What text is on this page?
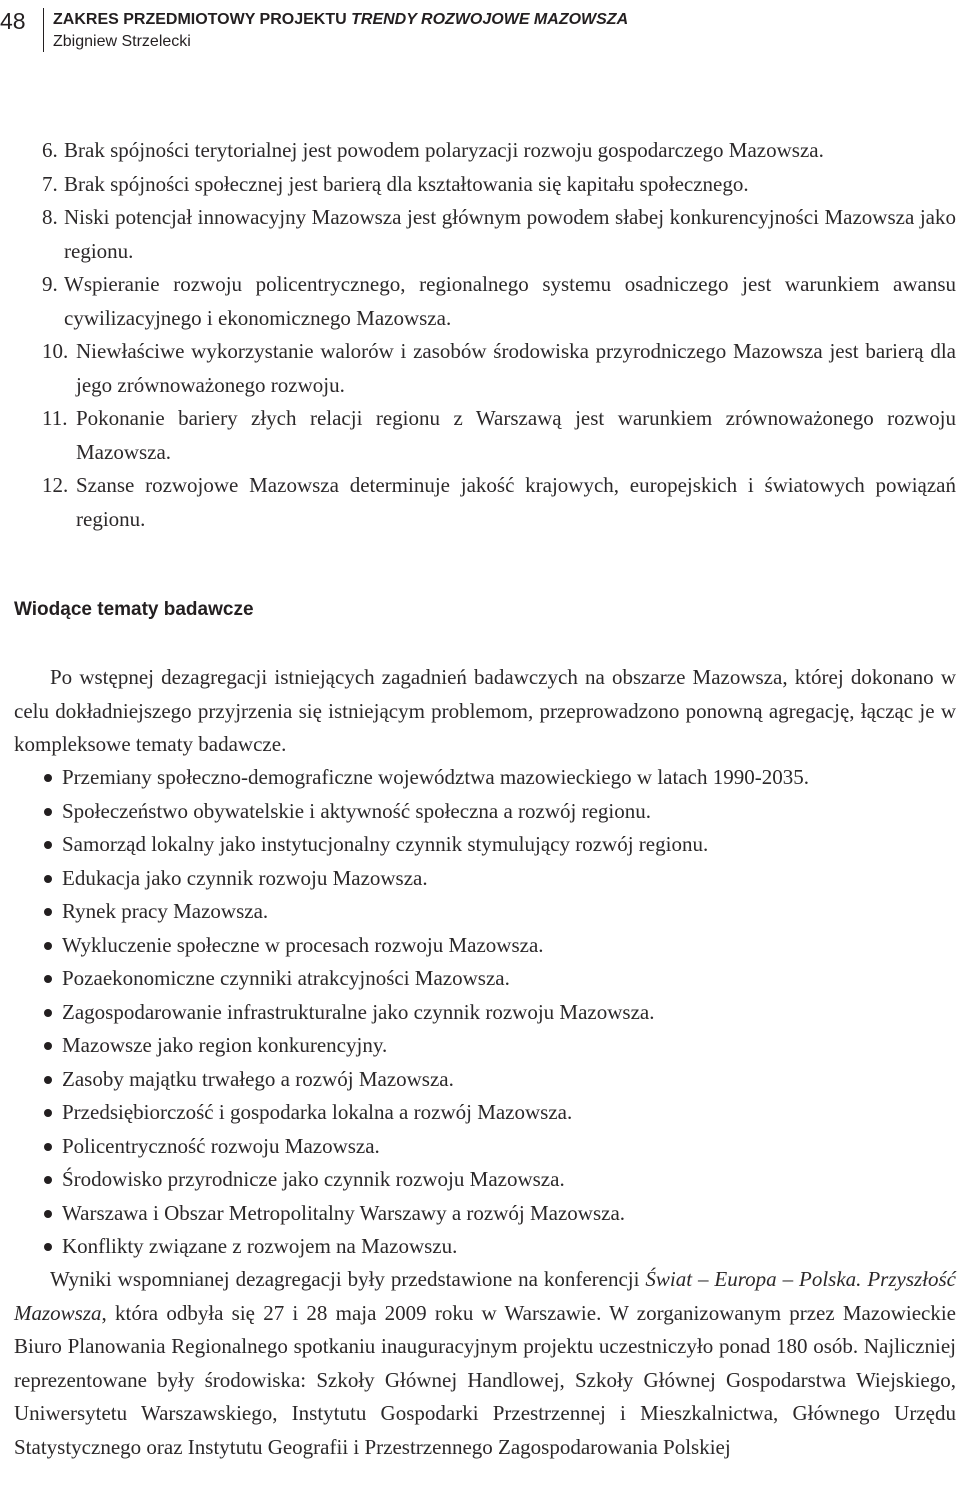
48	ZAKRES PRZEDMIOTOWY PROJEKTU TRENDY ROZWOJOWE MAZOWSZA
Zbigniew Strzelecki
6. Brak spójności terytorialnej jest powodem polaryzacji rozwoju gospodarczego Mazowsza.
7. Brak spójności społecznej jest barierą dla kształtowania się kapitału społecznego.
8. Niski potencjał innowacyjny Mazowsza jest głównym powodem słabej konkurencyjności Mazowsza jako regionu.
9. Wspieranie rozwoju policentrycznego, regionalnego systemu osadniczego jest warunkiem awansu cywilizacyjnego i ekonomicznego Mazowsza.
10. Niewłaściwe wykorzystanie walorów i zasobów środowiska przyrodniczego Mazowsza jest barierą dla jego zrównoważonego rozwoju.
11. Pokonanie bariery złych relacji regionu z Warszawą jest warunkiem zrównoważonego rozwoju Mazowsza.
12. Szanse rozwojowe Mazowsza determinuje jakość krajowych, europejskich i światowych powiązań regionu.
Wiodące tematy badawcze

Po wstępnej dezagregacji istniejących zagadnień badawczych na obszarze Mazowsza, której dokonano w celu dokładniejszego przyjrzenia się istniejącym problemom, przeprowadzono ponowną agregację, łącząc je w kompleksowe tematy badawcze.

Przemiany społeczno-demograficzne województwa mazowieckiego w latach 1990-2035.
Społeczeństwo obywatelskie i aktywność społeczna a rozwój regionu.
Samorząd lokalny jako instytucjonalny czynnik stymulujący rozwój regionu.
Edukacja jako czynnik rozwoju Mazowsza.
Rynek pracy Mazowsza.
Wykluczenie społeczne w procesach rozwoju Mazowsza.
Pozaekonomiczne czynniki atrakcyjności Mazowsza.
Zagospodarowanie infrastrukturalne jako czynnik rozwoju Mazowsza.
Mazowsze jako region konkurencyjny.
Zasoby majątku trwałego a rozwój Mazowsza.
Przedsiębiorczość i gospodarka lokalna a rozwój Mazowsza.
Policentryczność rozwoju Mazowsza.
Środowisko przyrodnicze jako czynnik rozwoju Mazowsza.
Warszawa i Obszar Metropolitalny Warszawy a rozwój Mazowsza.
Konflikty związane z rozwojem na Mazowszu.

Wyniki wspomnianej dezagregacji były przedstawione na konferencji Świat – Europa – Polska. Przyszłość Mazowsza, która odbyła się 27 i 28 maja 2009 roku w Warszawie. W zorganizowanym przez Mazowieckie Biuro Planowania Regionalnego spotkaniu inauguracyjnym projektu uczestniczyło ponad 180 osób. Najliczniej reprezentowane były środowiska: Szkoły Głównej Handlowej, Szkoły Głównej Gospodarstwa Wiejskiego, Uniwersytetu Warszawskiego, Instytutu Gospodarki Przestrzennej i Mieszkalnictwa, Głównego Urzędu Statystycznego oraz Instytutu Geografii i Przestrzennego Zagospodarowania Polskiej
